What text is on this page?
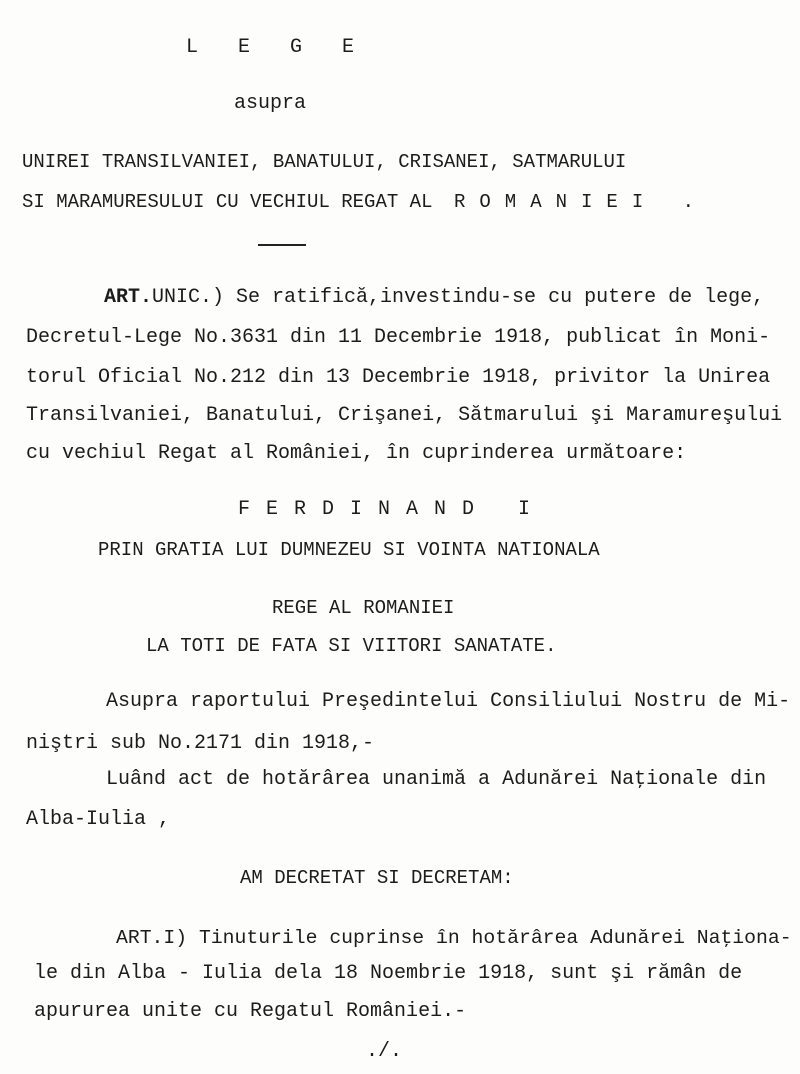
L E G E
asupra
UNIREI TRANSILVANIEI, BANATULUI, CRISANEI, SATMARULUI
SI MARAMURESULUI CU VECHIUL REGAT AL ROMANIEI .
ART. UNIC.) Se ratifică,investindu-se cu putere de lege,
Decretul-Lege No.3631 din 11 Decembrie 1918, publicat în Moni-
torul Oficial No.212 din 13 Decembrie 1918, privitor la Unirea
Transilvaniei, Banatului, Crişanei, Sătmarului şi Maramureşului
cu vechiul Regat al României, în cuprinderea următoare:
FERDINAND I
PRIN GRATIA LUI DUMNEZEU SI VOINTA NATIONALA
REGE AL ROMANIEI
LA TOTI DE FATA SI VIITORI SANATATE.
Asupra raportului Preşedintelui Consiliului Nostru de Mi-
niştri sub No.2171 din 1918,-
Luând act de hotărârea unanimă a Adunărei Naţionale din
Alba-Iulia ,
AM DECRETAT SI DECRETAM:
ART.I) Tinuturile cuprinse în hotărârea Adunărei Naţiona-
le din Alba - Iulia dela 18 Noembrie 1918, sunt şi rămân de
apururea unite cu Regatul României.-
./.
